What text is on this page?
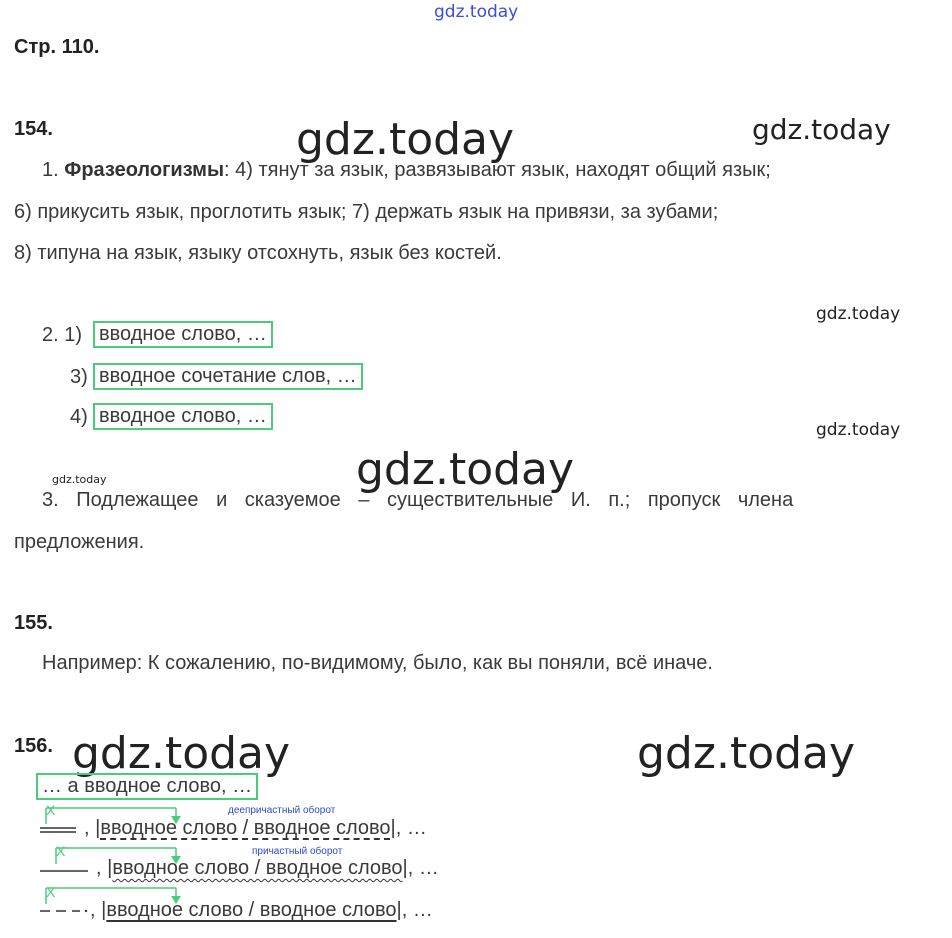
gdz.today
gdz.today	gdz.today
gdz.today
gdz.today
gdz.today	gdz.today
gdz.today	gdz.today
Стр. 110.
154.
1. Фразеологизмы: 4) тянут за язык, развязывают язык, находят общий язык;
6) прикусить язык, проглотить язык; 7) держать язык на привязи, за зубами;
8) типуна на язык, языку отсохнуть, язык без костей.
2. 1) вводное слово, …
3) вводное сочетание слов, …
4) вводное слово, …
3. Подлежащее и сказуемое – существительные И. п.; пропуск члена
предложения.
155.
Например: К сожалению, по-видимому, было, как вы поняли, всё иначе.
156.
… а вводное слово, …
X	деепричастный оборот
, |вводное слово / вводное слово|, …
X	причастный оборот
, |вводное слово / вводное слово|, …
X
, |вводное слово / вводное слово|, …
